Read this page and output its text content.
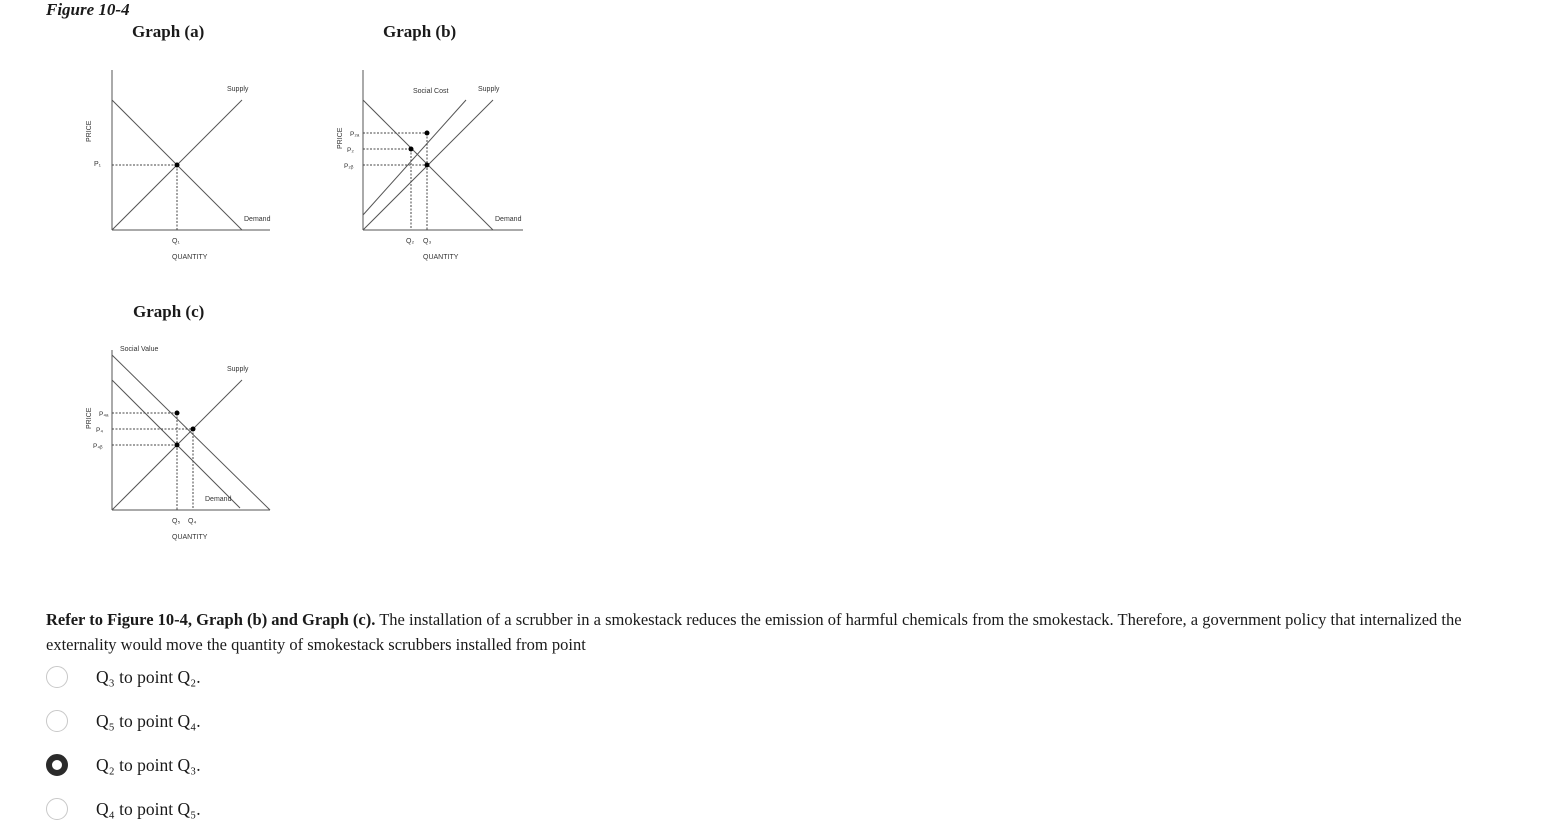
Figure 10-4
Graph (a)
Supply
Demand
P₁
Q₁
QUANTITY
PRICE
Graph (b)
Social Cost	Supply
Demand
P₂ₐ
P₂
P₂ᵦ
Q₂ Q₃
QUANTITY
PRICE
Graph (c)
Social Value
Supply
Demand
P₄ₐ
P₄
P₄ᵦ
Q₅ Q₄
QUANTITY
PRICE
Refer to Figure 10-4, Graph (b) and Graph (c). The installation of a scrubber in a smokestack reduces the emission of harmful chemicals from the smokestack. Therefore, a government policy that internalized the externality would move the quantity of smokestack scrubbers installed from point
Q₃ to point Q₂.
Q₅ to point Q₄.
Q₂ to point Q₃.
Q₄ to point Q₅.
